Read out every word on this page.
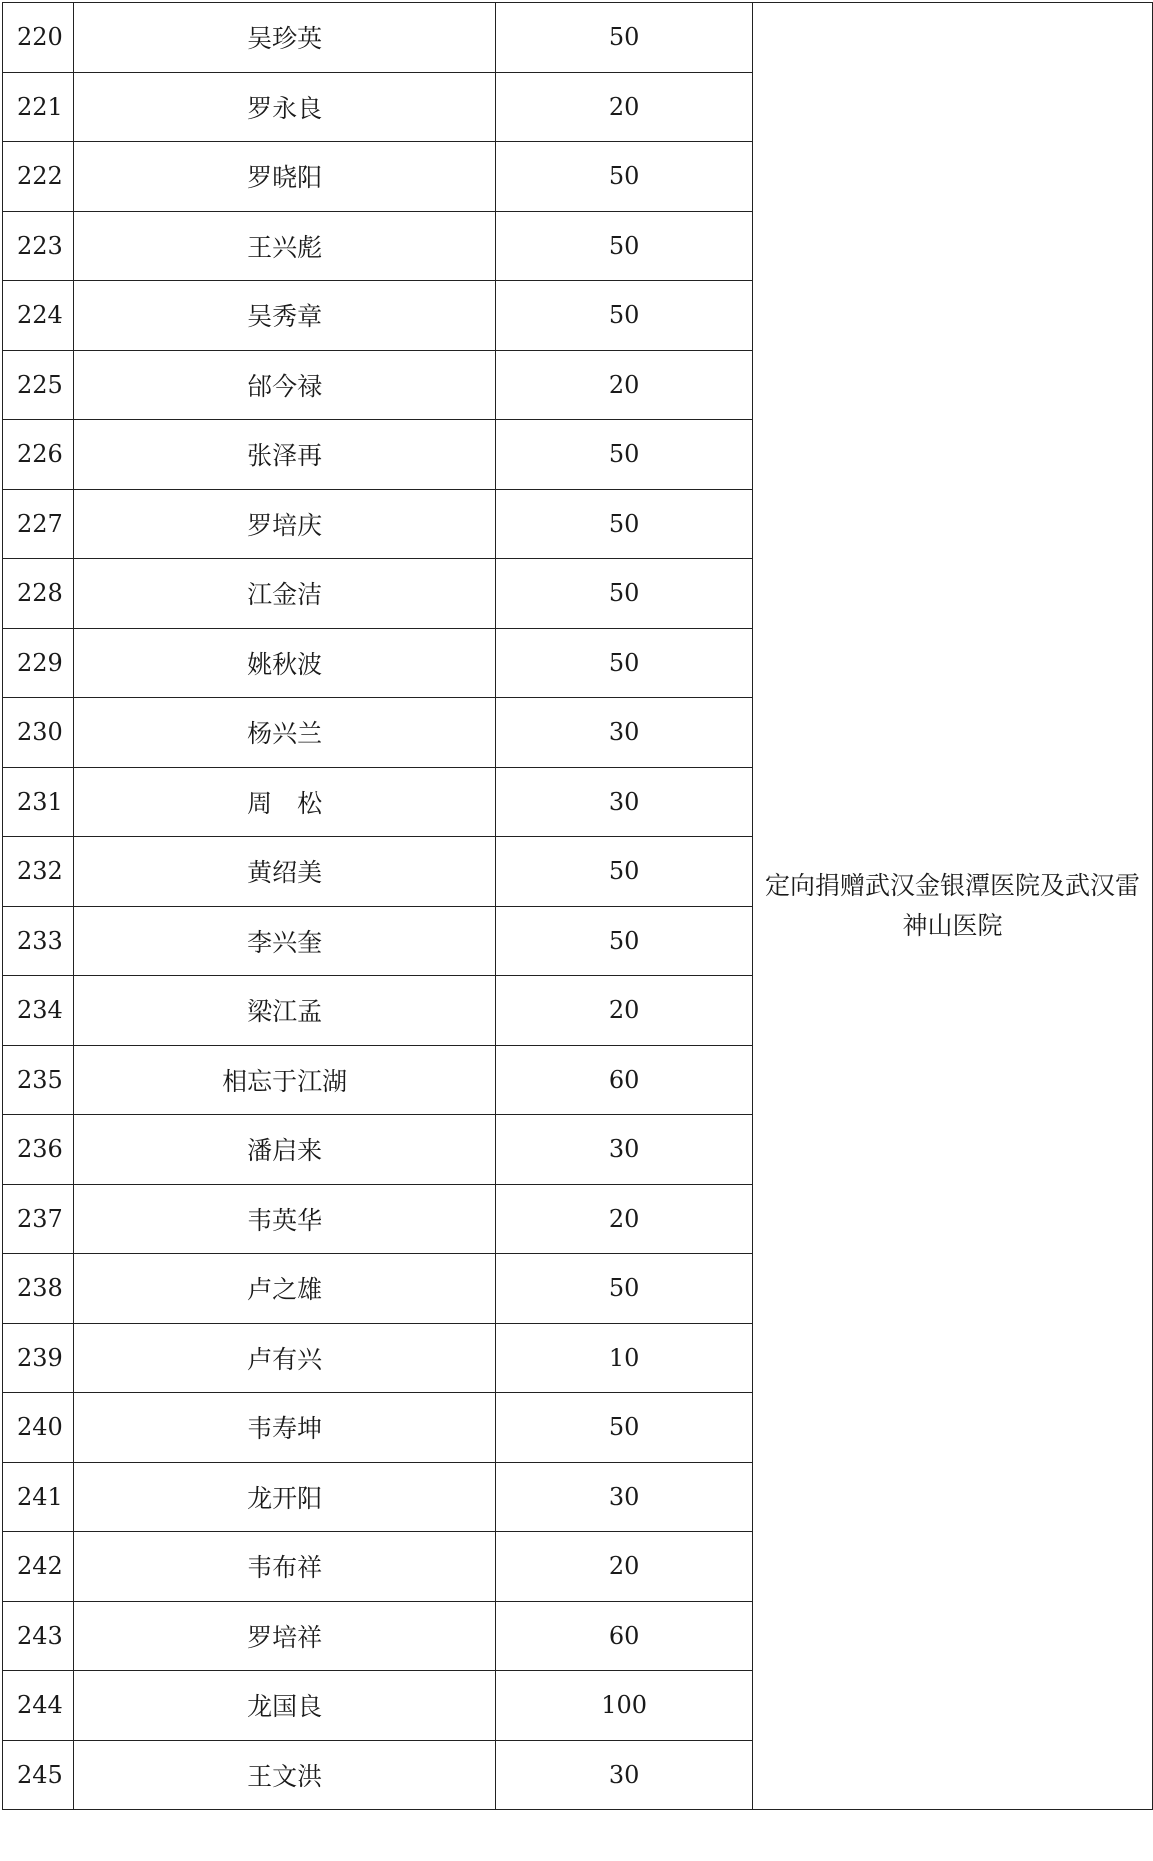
220	吴珍英	50	定向捐赠武汉金银潭医院及武汉雷神山医院
221	罗永良	20	
222	罗晓阳	50	
223	王兴彪	50	
224	吴秀章	50	
225	邰今禄	20	
226	张泽再	50	
227	罗培庆	50	
228	江金洁	50	
229	姚秋波	50	
230	杨兴兰	30	
231	周　松	30	
232	黄绍美	50	
233	李兴奎	50	
234	梁江孟	20	
235	相忘于江湖	60	
236	潘启来	30	
237	韦英华	20	
238	卢之雄	50	
239	卢有兴	10	
240	韦寿坤	50	
241	龙开阳	30	
242	韦布祥	20	
243	罗培祥	60	
244	龙国良	100	
245	王文洪	30	
